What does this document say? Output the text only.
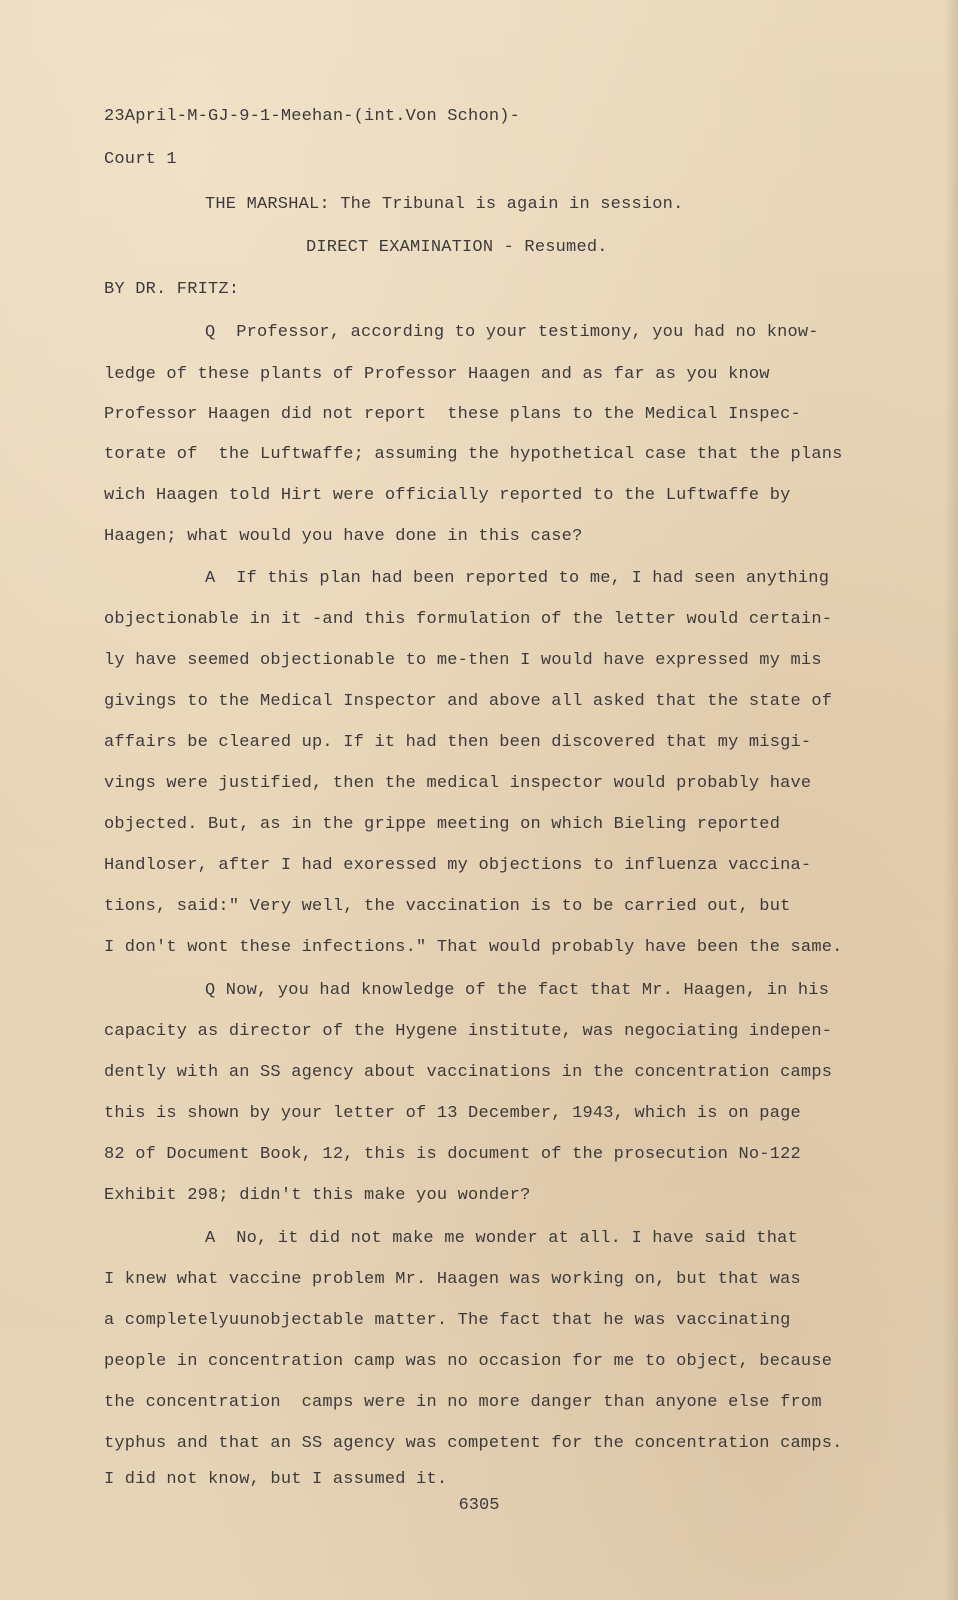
23April-M-GJ-9-1-Meehan-(int.Von Schon)-
Court 1
THE MARSHAL: The Tribunal is again in session.
DIRECT EXAMINATION - Resumed.
BY DR. FRITZ:
Q  Professor, according to your testimony, you had no know-
ledge of these plants of Professor Haagen and as far as you know
Professor Haagen did not report  these plans to the Medical Inspec-
torate of  the Luftwaffe; assuming the hypothetical case that the plans
wich Haagen told Hirt were officially reported to the Luftwaffe by
Haagen; what would you have done in this case?
A  If this plan had been reported to me, I had seen anything
objectionable in it -and this formulation of the letter would certain-
ly have seemed objectionable to me-then I would have expressed my mis
givings to the Medical Inspector and above all asked that the state of
affairs be cleared up. If it had then been discovered that my misgi-
vings were justified, then the medical inspector would probably have
objected. But, as in the grippe meeting on which Bieling reported
Handloser, after I had exoressed my objections to influenza vaccina-
tions, said:" Very well, the vaccination is to be carried out, but
I don't wont these infections." That would probably have been the same.
Q Now, you had knowledge of the fact that Mr. Haagen, in his
capacity as director of the Hygene institute, was negociating indepen-
dently with an SS agency about vaccinations in the concentration camps
this is shown by your letter of 13 December, 1943, which is on page
82 of Document Book, 12, this is document of the prosecution No-122
Exhibit 298; didn't this make you wonder?
A  No, it did not make me wonder at all. I have said that
I knew what vaccine problem Mr. Haagen was working on, but that was
a completelyuunobjectable matter. The fact that he was vaccinating
people in concentration camp was no occasion for me to object, because
the concentration  camps were in no more danger than anyone else from
typhus and that an SS agency was competent for the concentration camps.
I did not know, but I assumed it.
6305
